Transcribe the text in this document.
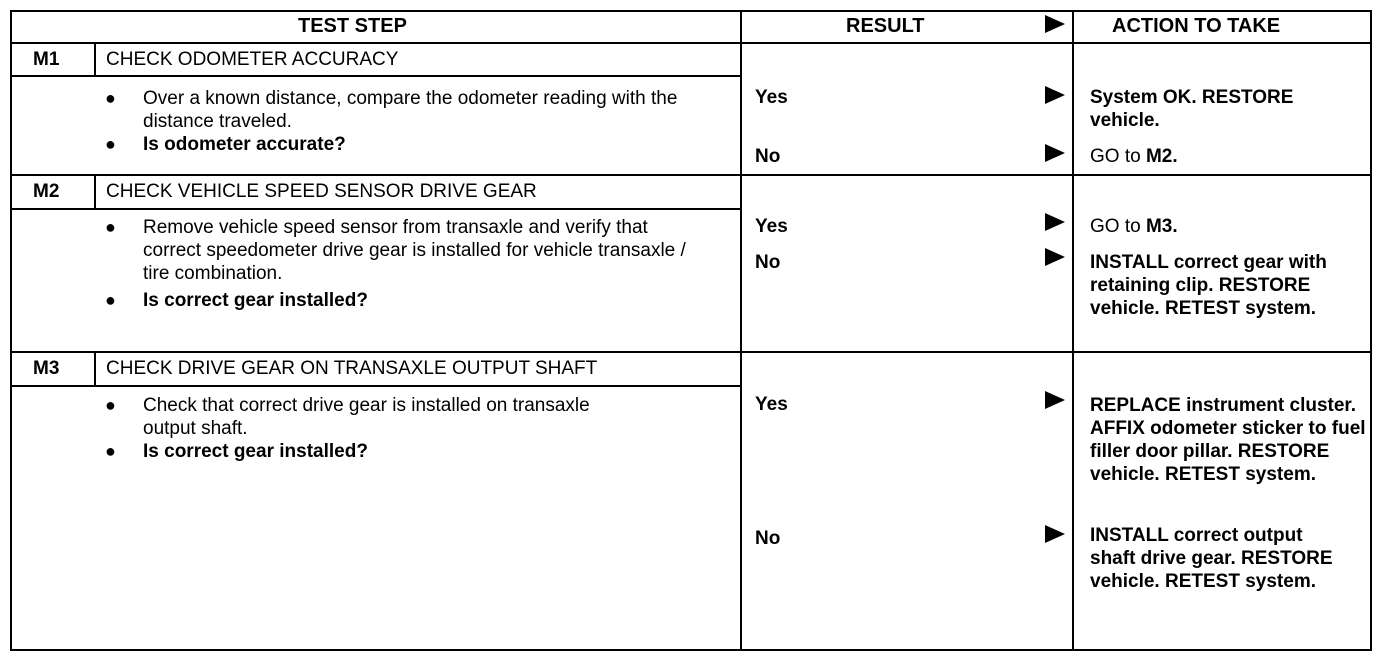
TEST STEP	RESULT	ACTION TO TAKE
M1 CHECK ODOMETER ACCURACY
● Over a known distance, compare the odometer reading with the distance traveled.
● Is odometer accurate?
Yes	System OK. RESTORE vehicle.
No	GO to M2.
M2 CHECK VEHICLE SPEED SENSOR DRIVE GEAR
● Remove vehicle speed sensor from transaxle and verify that correct speedometer drive gear is installed for vehicle transaxle / tire combination.
● Is correct gear installed?
Yes	GO to M3.
No	INSTALL correct gear with retaining clip. RESTORE vehicle. RETEST system.
M3 CHECK DRIVE GEAR ON TRANSAXLE OUTPUT SHAFT
● Check that correct drive gear is installed on transaxle output shaft.
● Is correct gear installed?
Yes	REPLACE instrument cluster. AFFIX odometer sticker to fuel filler door pillar. RESTORE vehicle. RETEST system.
No	INSTALL correct output shaft drive gear. RESTORE vehicle. RETEST system.
